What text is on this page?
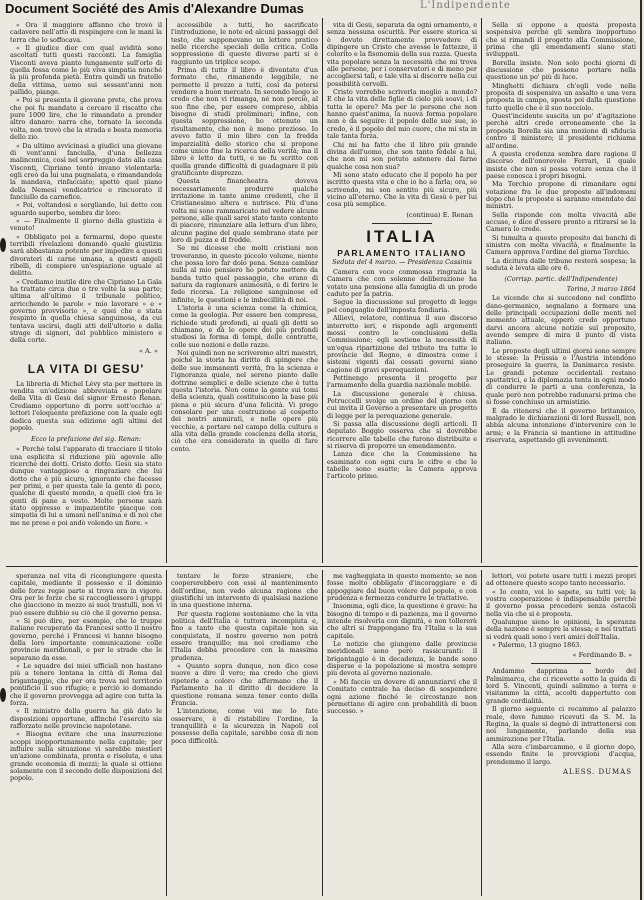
Document Société des Amis d'Alexandre Dumas	L'Indipendente

« Ora il maggiore affanno che trovò il cadavere nell'atto di respingere con le mani la terra che lo soffocava.

« Il giudice dier con qual avidità sono ascoltati tutti questi racconti. La famiglia Visconti aveva pianto lungamente sull'orlo di quella fossa come le più viva simpatia nonché la più profonda pietà. Entra quindi un fratello della vittima, uomo sui sessant'anni non pallido, piange.

« Poi si presenta il giovane prete, che prova che poi fu mandato a cercare il riscatto che pure 1000 lire, che le rimandato a prender altro danaro: narra che, tornato la seconda volta, non trovò che la strada e beata memoria dello zio.

« Da ultimo avvicinasi a giudici una giovane di vent'anni fanciulla, d'una bellezza malinconica, così nel sorpreggio dato alla casa Visconti, Cipriano tentò invano violentarla: egli creò da lui una pugnalata, e rimandandola la mandava, rinfacciato; spettò quel piano della Nemesi vendicatrice e rincuorato il fanciullo da carnefice.

« Poi, voltandosi e sorgliando, lui detto con sguardo superbo, sembra dir loro:

« — Finalmente il giorno della giustizia è venuto!

« Obbligato poi a fermarmi, dopo queste terribili rivelazioni domandò quale giustizia sarà abbastanza potente per impedire a questi divoratori di carne umana, a questi angeli ribelli, di compiere un'espiazione uguale al delitto.

« Crediamo inutile dire che Cipriano La Gala ha trattato circa due o tre volte la sua parte; ultima all'ultimo il tribunale politico, arricchendo le parole « mio lavorare » e « governo provvisorio », e quei che e stata respinto in quella chiesa sanguinosa, da cui tentava uscirsi, dagli atti dell'ultorio e dalla strage di signori, del pubblico ministero e della corte.

« A. »
LA VITA DI GESU'

La libreria di Michel Lévy sta per mettere in vendita un'edizione abbreviata e popolare della Vita di Gesù del signor Ernesto Renan. Crediamo opportuno di porre sott'occhio a' lettori l'eloquente prefazione con la quale egli dedica questa sua edizione agli ultimi del popolo.

Ecco la prefazione del sig. Renan:

« Perchè tolsi l'apparato di tracciare il titolo una esplicita sì riduzione più agevole alle ricerche dei dotti. Cristo dotto. Gesù sia stato dunque vantaggioso a ringraziare che lui dotto che è più sicuro, ignorante che facesse per primi, e per questa tale la gente di poco, qualche di queste mondo, a quelli cioè tra le genti di pane a vesto. Molte persone sarà stato oppresso e impazientite piacque con simpatia di lui a umani nell'anima e di noi che me ne prese e poi andò volendo un fiore. »

accessibile a tutti, ho sacrificato l'introduzione, le note ed alcuni passaggi del testo, che supponevano un lettore pratico nelle ricerche speciali della critica. Colla soppressione di queste diverse parti si è raggiunto un triplice scopo.

Prima di tutto il libro è diventato d'un formato che, rimanendo leggibile, ne permette il prezzo a tutti, così da potersi vendere a buon mercato. In secondo luogo io credo che non vi rimanga, né non perciò, al suo fine che, per essere compreso, abbia bisogno di studi preliminari; infine, con questa soppressione, ho ottenuto un risultamento, che non è meno prezioso. Io avevo fatto il mio libro con la fredda imparzialità dello storico che si propone come unico fine la ricerca della verità; ma il libro è letto da tutti, e ne fu scritto con quella grande difficoltà di guadagnare il più gratificante disprezzo.

Questa financheatra doveva necessariamente produrre qualche irritazione in tante anime credenti, che il Cristianesimo altera e nutrisce. Più d'una volta mi sono rammaricato nel vedere alcune persone, alle quali sarei stato tanto contento di piacere, rinunziare alla lettura d'un libro, alcune pagine del quale sembrano state per loro di puzza e di fredde.

Se mi dicesse che molti cristiani non troveranno, in questo piccolo volume, niente che possa loro far dolo pena. Senza cambiar nulla al mio pensiero ho potuto mettere da banda tutto quel passaggio, che erano di natura da ragionare animosità, e di ferire le fede ricorsa. La religione sanguinose ed infinite, le questioni e le imbecillità di noi.

L'istoria è una scienza come la chimica, come la geologia. Per essere ben compresa, richiede studi profondi, ai quali gli dotti so chiamano, e dà le opere dei più profondi studiosi la forma di tempi, delle contratte, colle sue nozioni e delle razze.

Noi quindi non ne scriveremo altri maestri, poiché la storia ha diritto di spingere che delle sue immanenti verità, fra la scienza e l'ignoranza quale, nel sereno pianto dalle dottrine semplici e delle scienze che è tutta questa l'istoria. Non come la gente sui tomi della scienza, quali costituiscono la base più piena e più sicura d'una felicità. Vi prego consolare per una costruzione al cospetto dei nostri ammirati, e nelle opere più vecchie, a portare nel campo della cultura e alla vita della grande coscienza della storia, ciò che era considerato in quello di fare cento.

vita di Gesù, separata da ogni ornamento, e senza nessuna oscurità. Per essere storica si è dovuto direttamente provvedere di dipingere un Cristo che avesse le fattezze, il colorito e la fisonomia della sua razza. Questa vita popolare senza la necessità che mi trova alle persone, per i conservatori e di meno per accogliersi tali, e tale vita si discorre nella cui possibilità cervelli.

Cristo vorrebbe scriverla meglio a mondo? E che la vita delle figlie di cielo più soavi, i di tutta le opere? Ma per le persone che non hanno quest'anima, la nuova forma popolare non è da seguire: il popolo delle sue sue, io credo, è il popolo del mio cuore, che mi sta in tale tanta forza.

Chi mi ha fatto che il libro più grande divina dell'uomo, che son tanto fedele a lui, che non mi son potuto astenere dal farne qualche cosa non sua?

Mi sono stato educato che il popolo ha per iscritto questa vita e che io ho a farla; ora, se scrivendo, mi son sentito più sicuro, più vicino all'eterno. Che la vita di Gesù è per lui cosa più semplice.

(continua) E. Renan
ITALIA
PARLAMENTO ITALIANO
Seduta del 4 marzo. — Presidenza Cassinis

Camera con voce commossa ringrazia la Camera che con solenne deliberazione ha votato una pensione alla famiglia di un prode caduto per la patria.

Segue la discussione sul progetto di legge pel conguaglio dell'imposta fondiaria.

Allievi, relatore, continua il suo discorso interrotto ieri, e risponde agli argomenti mossi contro le conclusioni della Commissione; egli sostiene la necessità di un'equa ripartizione del tributo tra tutte le provincie del Regno, e dimostra come i sistemi vigenti dai cessati governi siano cagione di gravi sperequazioni.

Pettinengo presenta il progetto per l'armamento della guardia nazionale mobile.

La discussione generale è chiusa. Petruccelli svolge un ordine del giorno con cui invita il Governo a presentare un progetto di legge per la perequazione generale.

Si passa alla discussione degli articoli. Il deputato Boggio osserva che si dovrebbe ricorrere alle tabelle che furono distribuite e si riserva di proporre un emendamento.

Lanza dice che la Commissione ha esaminato con ogni cura le cifre e che le tabelle sono esatte; la Camera approva l'articolo primo.

Sella si oppone a questa proposta sospensiva perchè gli sembra inopportuno che si rimandi il progetto alla Commissione, prima che gli emendamenti siano stati sviluppati.

Borella insiste. Non solo pochi giorni di discussione che possono portare nella questione un po' più di luce.

Minghetti dichiara ch'egli vede nella proposta di sospensiva un assalto e una vera proposta in campo, sposta poi dalla questione tutto quello che è il suo nocciolo.

Quest'incidente suscita un po' d'agitazione perchè altri crede erroneamente che la proposta Borella sia una mozione di sfiducia contro il ministero; il presidente richiama all'ordine.

A questa credenza sembra dare ragione il discorso dell'onorevole Ferrari, il quale insiste che non si possa votare senza che il paese conosca i propri bisogni.

Ma Torchio propone di rimandare ogni votazione fra le due proposte all'indomani dopo che le proposte si saranno emendate dai ministri.

Sella risponde con molta vivacità alle accuse, e dice d'essere pronto a ritirarsi se la Camera lo crede.

Si tumulta a questo proposito dai banchi di sinistra con molta vivacità, e finalmente la Camera approva l'ordine del giorno Torchio.

La dicitura dalle tribune resterà sospesa; la seduta è levata alle ore 6.

(Corrisp. partic. dell'Indipendente)
Torino, 3 marzo 1864

Le vicende che si succedono nel conflitto dano-germanico, segnalano a formare una delle principali occupazioni delle menti nel momento attuale, epperò credo opportuno darvi ancora alcune notizie sul proposito, avendo sempre di mira il punto di vista italiano.

Le proposte degli ultimi giorni sono sempre le stesse: la Prussia e l'Austria intendono proseguire la guerra, la Danimarca resiste. Le grandi potenze occidentali restano spettatrici, e la diplomazia tenta in ogni modo di condurre le parti a una conferenza, la quale però non potrebbe radunarsi prima che si fosse conchiuso un armistizio.

È da ritenersi che il governo britannico, malgrado le dichiarazioni di lord Russell, non abbia alcuna intenzione d'intervenire con le armi; e la Francia si mantiene in attitudine riservata, aspettando gli avvenimenti.

speranza nel vita di ricongiungere questa capitale, mediante il possesso e il dominio delle forze regie parte si trova ora in vigore. Ora per le forze che si raccogliessero i gruppi che giacciono in mezzo ai suoi trastulli, non vi può essere dubbio su ciò che il governo pensa.

« Si può dire, per esempio, che le truppe italiane recuperate da Francesi sotto il nostro governo, perché i Francesi vi hanno bisogno della loro importante comunicazione colle provincie meridionali, e per le strade che le separano da esse.

« Le squadre dei miei ufficiali non bastano più a tenere lontana la città di Roma dal brigantaggio, che per ora trova nel territorio pontificio il suo rifugio; e perciò io domando che il governo provvegga ad agire con tutta la forza.

« Il ministro della guerra ha già dato le disposizioni opportune, affinché l'esercito sia rafforzato nelle provincie napoletane.

« Bisogna evitare che una insurrezione scoppi inopportunamente nella capitale; per influire sulla situazione vi sarebbe mestieri un'azione combinata, pronta e risoluta, e una grande economia di mezzi; la quale si ottiene solamente con il secondo delle disposizioni del popolo.

tentare le forze straniere, che coopererebbero con essi al mantenimento dell'ordine, non vedo alcuna ragione che giustifichi un intervento di qualsiasi nazione in una questione interna.

Per questa ragione sosteniamo che la vita politica dell'Italia è tuttora incompiuta e, fino a tanto che questa capitale non sia conquistata, il nostro governo non potrà essere tranquillo; ma noi crediamo che l'Italia debba procedere con la massima prudenza.

« Quanto sopra dunque, non dico cose nuove a dire il vero; ma credo che giovi ripeterle a coloro che affermano che il Parlamento ha il diritto di decidere la questione romana senza tener conto della Francia.

L'intenzione, come voi me lo fate osservare, è di ristabilire l'ordine, la tranquillità e la sicurezza in Napoli col possesso della capitale, sarebbe cosa di non poca difficoltà.

me vagheggiata in questo momento; se non fosse molto obbligato d'incoraggiare e di appoggiare dal buon volere del popolo, e con prudenza e fermezza condurre le trattative.

Insomma, egli dice, la questione è grave: ha bisogno di tempo e di pazienza, ma il governo intende risolverla con dignità, e non tollererà che altri si frappongano fra l'Italia e la sua capitale.

Le notizie che giungono dalle provincie meridionali sono però rassicuranti: il brigantaggio è in decadenza, le bande sono disperse e la popolazione si mostra sempre più devota al governo nazionale.

« Mi faccio un dovere di annunziarvi che il Comitato centrale ha deciso di sospendere ogni azione finché le circostanze non permettano di agire con probabilità di buon successo. »

lettori, voi potete usare tutti i mezzi propri ad ottenere questo scopo tanto necessario.

« Io conto, voi lo sapete, su tutti voi; la vostra cooperazione è indispensabile perché il governo possa procedere senza ostacoli nella via che si è proposta.

Qualunque sieno le opinioni, la speranza della nazione è sempre la stessa; e nei trattati si vedrà quali sono i veri amici dell'Italia.

« Palermo, 13 giugno 1863.

« Ferdinando B. »

Andammo dapprima a bordo del Palmimarca, che ci ricevette sotto la guida di lord S. Vincenti, quindi salimmo a terra e visitammo la città, accolti dappertutto con grande cordialità.

Il giorno seguente ci recammo al palazzo reale, dove fummo ricevuti da S. M. la Regina, la quale si degnò di intrattenersi con noi lungamente, parlando della sua ammirazione per l'Italia.

Alla sera c'imbarcammo, e il giorno dopo, essendo finite le provvigioni d'acqua, prendemmo il largo.

ALESS. DUMAS
